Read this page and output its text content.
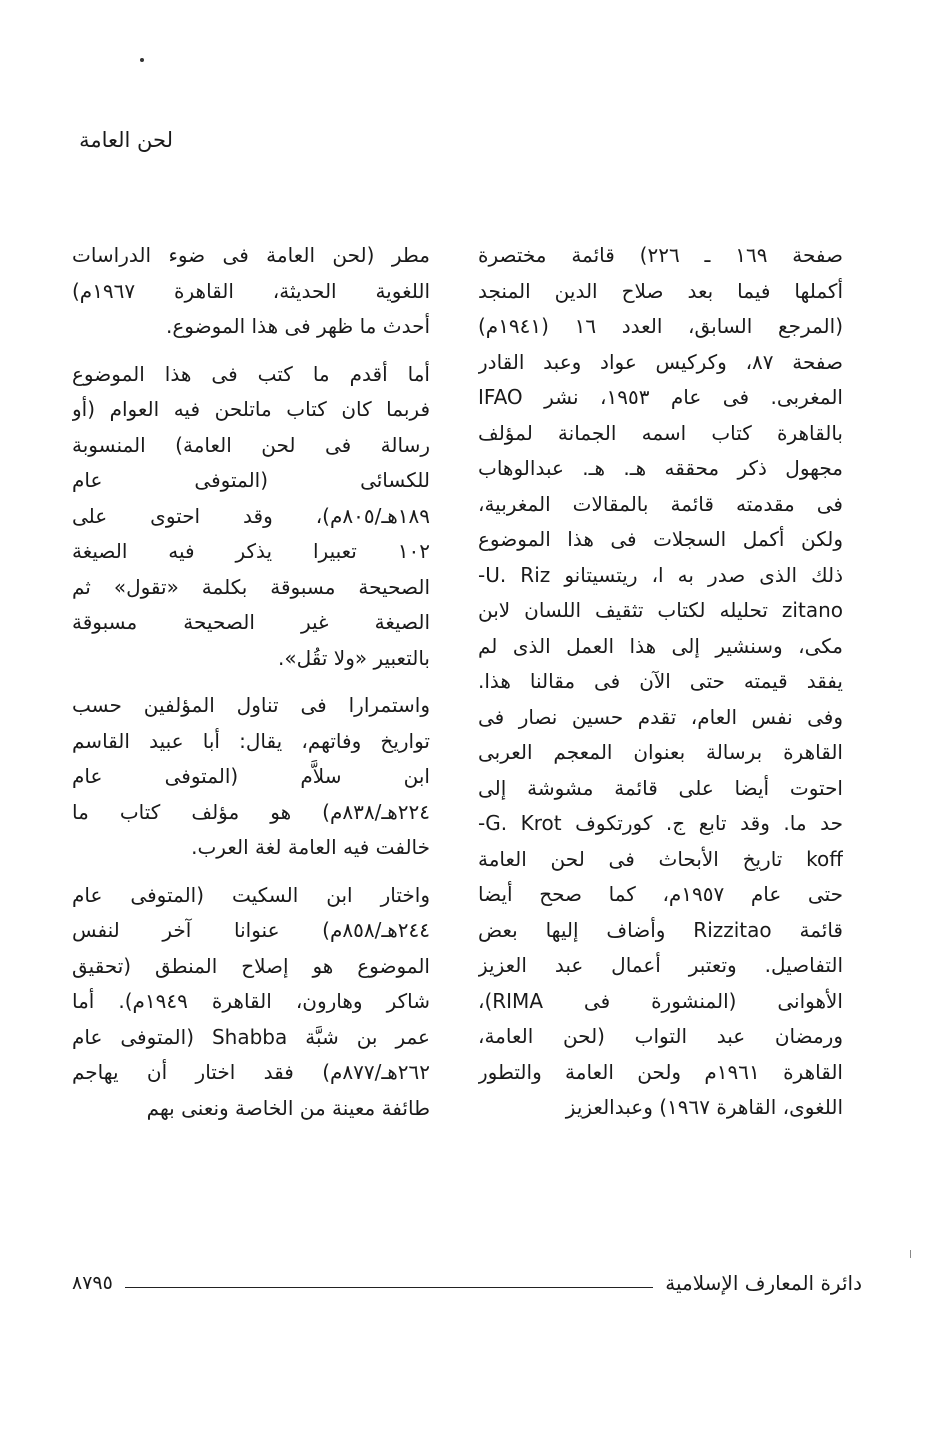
لحن العامة
صفحة ١٦٩ ـ ٢٢٦) قائمة مختصرة
أكملها فيما بعد صلاح الدين المنجد
(المرجع السابق، العدد ١٦ (١٩٤١م)
صفحة ٨٧، وكركيس عواد وعبد القادر
المغربى. فى عام ١٩٥٣، نشر IFAO
بالقاهرة كتاب اسمه الجمانة لمؤلف
مجهول ذكر محققه هـ. هـ. عبدالوهاب
فى مقدمته قائمة بالمقالات المغربية،
ولكن أكمل السجلات فى هذا الموضوع
ذلك الذى صدر به ا، ريتسيتانو U. Riz-
zitano تحليله لكتاب تثقيف اللسان لابن
مكى، وسنشير إلى هذا العمل الذى لم
يفقد قيمته حتى الآن فى مقالنا هذا.
وفى نفس العام، تقدم حسين نصار فى
القاهرة برسالة بعنوان المعجم العربى
احتوت أيضا على قائمة مشوشة إلى
حد ما. وقد تابع ج. كورتكوف G. Krot-
koff تاريخ الأبحاث فى لحن العامة
حتى عام ١٩٥٧م، كما صحح أيضا
قائمة Rizzitao وأضاف إليها بعض
التفاصيل. وتعتبر أعمال عبد العزيز
الأهوانى (المنشورة فى RIMA)،
ورمضان عبد التواب (لحن العامة،
القاهرة ١٩٦١م ولحن العامة والتطور
اللغوى، القاهرة ١٩٦٧) وعبدالعزيز
مطر (لحن العامة فى ضوء الدراسات
اللغوية الحديثة، القاهرة ١٩٦٧م)
أحدث ما ظهر فى هذا الموضوع.
أما أقدم ما كتب فى هذا الموضوع
فربما كان كتاب ماتلحن فيه العوام (أو
رسالة فى لحن العامة) المنسوبة
للكسائى (المتوفى عام
١٨٩هـ/٨٠٥م)، وقد احتوى على
١٠٢ تعبيرا يذكر فيه الصيغة
الصحيحة مسبوقة بكلمة «تقول» ثم
الصيغة غير الصحيحة مسبوقة
بالتعبير «ولا تقُل».
واستمرارا فى تناول المؤلفين حسب
تواريخ وفاتهم، يقال: أبا عبيد القاسم
ابن سلاَّم (المتوفى عام
٢٢٤هـ/٨٣٨م) هو مؤلف كتاب ما
خالفت فيه العامة لغة العرب.
واختار ابن السكيت (المتوفى عام
٢٤٤هـ/٨٥٨م) عنوانا آخر لنفس
الموضوع هو إصلاح المنطق (تحقيق
شاكر وهارون، القاهرة ١٩٤٩م). أما
عمر بن شبَّة Shabba (المتوفى عام
٢٦٢هـ/٨٧٧م) فقد اختار أن يهاجم
طائفة معينة من الخاصة ونعنى بهم
دائرة المعارف الإسلامية
٨٧٩٥
